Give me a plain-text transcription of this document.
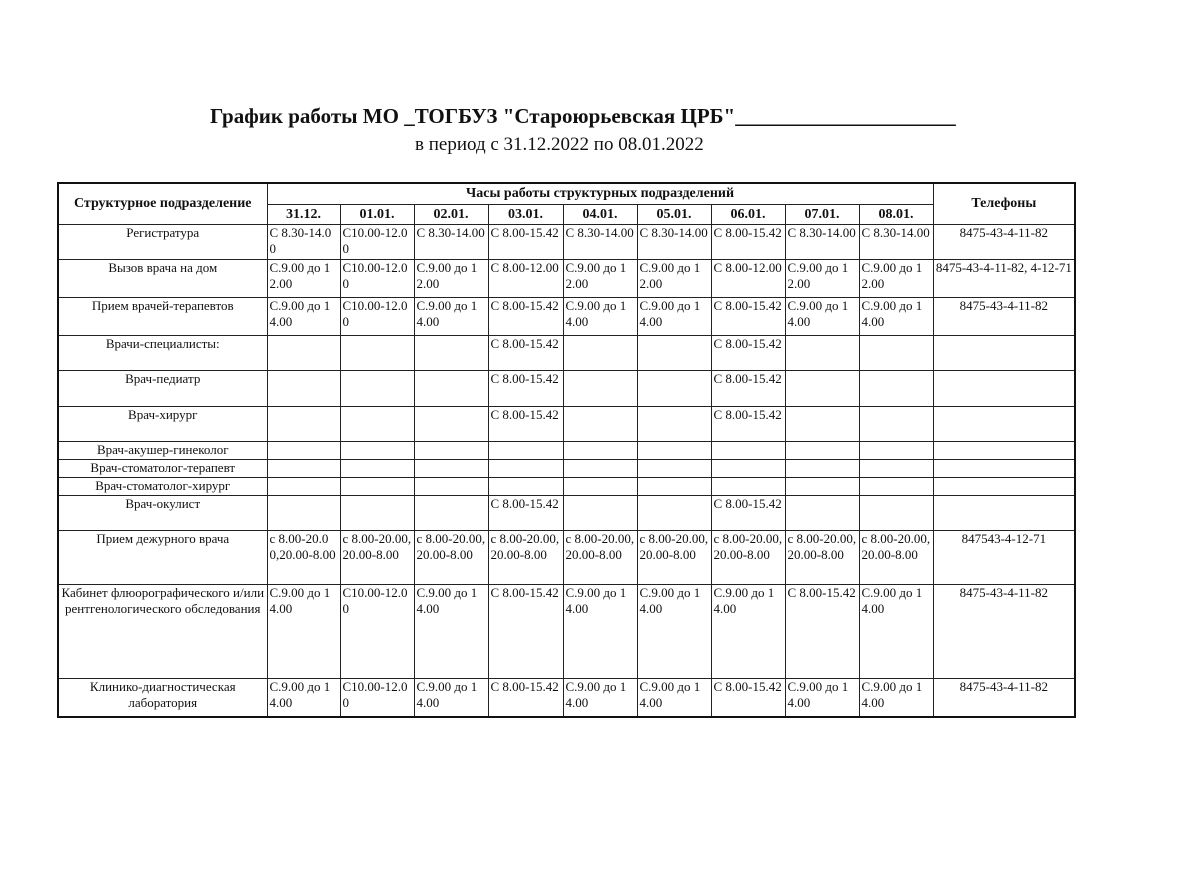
График работы МО _ТОГБУЗ "Староюрьевская ЦРБ"_____________________
в период с 31.12.2022 по 08.01.2022
Структурное подразделение	Часы работы структурных подразделений									Телефоны
	31.12.	01.01.	02.01.	03.01.	04.01.	05.01.	06.01.	07.01.	08.01.	
Регистратура	С 8.30-14.00	С10.00-12.00	С 8.30-14.00	С 8.00-15.42	С 8.30-14.00	С 8.30-14.00	С 8.00-15.42	С 8.30-14.00	С 8.30-14.00	8475-43-4-11-82
Вызов врача на дом	С.9.00 до 12.00	С10.00-12.00	С.9.00 до 12.00	С 8.00-12.00	С.9.00 до 12.00	С.9.00 до 12.00	С 8.00-12.00	С.9.00 до 12.00	С.9.00 до 12.00	8475-43-4-11-82, 4-12-71
Прием врачей-терапевтов	С.9.00 до 14.00	С10.00-12.00	С.9.00 до 14.00	С 8.00-15.42	С.9.00 до 14.00	С.9.00 до 14.00	С 8.00-15.42	С.9.00 до 14.00	С.9.00 до 14.00	8475-43-4-11-82
Врачи-специалисты:				С 8.00-15.42			С 8.00-15.42			
Врач-педиатр				С 8.00-15.42			С 8.00-15.42			
Врач-хирург				С 8.00-15.42			С 8.00-15.42			
Врач-акушер-гинеколог										
Врач-стоматолог-терапевт										
Врач-стоматолог-хирург										
Врач-окулист				С 8.00-15.42			С 8.00-15.42			
Прием дежурного врача	с 8.00-20.00,20.00-8.00	с 8.00-20.00,20.00-8.00	с 8.00-20.00,20.00-8.00	с 8.00-20.00,20.00-8.00	с 8.00-20.00,20.00-8.00	с 8.00-20.00,20.00-8.00	с 8.00-20.00,20.00-8.00	с 8.00-20.00,20.00-8.00	с 8.00-20.00,20.00-8.00	847543-4-12-71
Кабинет флюорографического и/или рентгенологического обследования	С.9.00 до 14.00	С10.00-12.00	С.9.00 до 14.00	С 8.00-15.42	С.9.00 до 14.00	С.9.00 до 14.00	С.9.00 до 14.00	С 8.00-15.42	С.9.00 до 14.00	8475-43-4-11-82
Клинико-диагностическая лаборатория	С.9.00 до 14.00	С10.00-12.00	С.9.00 до 14.00	С 8.00-15.42	С.9.00 до 14.00	С.9.00 до 14.00	С 8.00-15.42	С.9.00 до 14.00	С.9.00 до 14.00	8475-43-4-11-82
